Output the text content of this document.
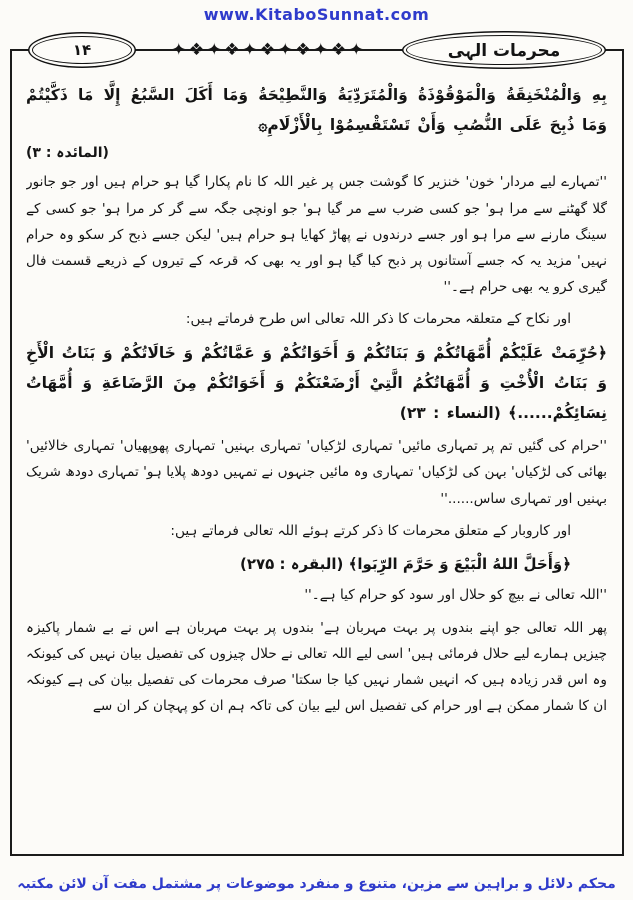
www.KitaboSunnat.com
۱۴	✦❖✦❖✦❖✦❖✦❖✦	محرمات الہی

بِهِ وَالْمُنْخَنِقَةُ وَالْمَوْقُوْذَةُ وَالْمُتَرَدِّيَةُ وَالنَّطِيْحَةُ وَمَا أَكَلَ السَّبُعُ إِلَّا مَا ذَكَّيْتُمْ وَمَا ذُبِحَ عَلَى النُّصُبِ وَأَنْ تَسْتَقْسِمُوْا بِالْأَزْلَامِ۞

(المائدہ : ۳)

''تمہارے لیے مردار' خون' خنزیر کا گوشت جس پر غیر اللہ کا نام پکارا گیا ہو حرام ہیں اور جو جانور گلا گھٹنے سے مرا ہو' جو کسی ضرب سے مر گیا ہو' جو اونچی جگہ سے گر کر مرا ہو' جو کسی کے سینگ مارنے سے مرا ہو اور جسے درندوں نے پھاڑ کھایا ہو حرام ہیں' لیکن جسے ذبح کر سکو وہ حرام نہیں' مزید یہ کہ جسے آستانوں پر ذبح کیا گیا ہو اور یہ بھی کہ قرعہ کے تیروں کے ذریعے قسمت فال گیری کرو یہ بھی حرام ہے۔''

اور نکاح کے متعلقہ محرمات کا ذکر اللہ تعالی اس طرح فرماتے ہیں:

﴿حُرِّمَتْ عَلَيْكُمْ أُمَّهَاتُكُمْ وَ بَنَاتُكُمْ وَ أَخَوَاتُكُمْ وَ عَمَّاتُكُمْ وَ خَالَاتُكُمْ وَ بَنَاتُ الْأَخِ وَ بَنَاتُ الْأُخْتِ وَ أُمَّهَاتُكُمُ الَّتِيْ أَرْضَعْنَكُمْ وَ أَخَوَاتُكُمْ مِنَ الرَّضَاعَةِ وَ أُمَّهَاتُ نِسَائِكُمْ......﴾ (النساء : ۲۳)

''حرام کی گئیں تم پر تمہاری مائیں' تمہاری لڑکیاں' تمہاری بہنیں' تمہاری پھوپھیاں' تمہاری خالائیں' بھائی کی لڑکیاں' بہن کی لڑکیاں' تمہاری وہ مائیں جنہوں نے تمہیں دودھ پلایا ہو' تمہاری دودھ شریک بہنیں اور تمہاری ساس......''

اور کاروبار کے متعلق محرمات کا ذکر کرتے ہوئے اللہ تعالی فرماتے ہیں:

﴿وَأَحَلَّ اللهُ الْبَيْعَ وَ حَرَّمَ الرِّبَوا﴾ (البقرہ : ۲۷۵)

''اللہ تعالی نے بیچ کو حلال اور سود کو حرام کیا ہے۔''

پھر اللہ تعالی جو اپنے بندوں پر بہت مہربان ہے' بندوں پر بہت مہربان ہے اس نے بے شمار پاکیزہ چیزیں ہمارے لیے حلال فرمائی ہیں' اسی لیے اللہ تعالی نے حلال چیزوں کی تفصیل بیان نہیں کی کیونکہ وہ اس قدر زیادہ ہیں کہ انہیں شمار نہیں کیا جا سکتا' صرف محرمات کی تفصیل بیان کی ہے کیونکہ ان کا شمار ممکن ہے اور حرام کی تفصیل اس لیے بیان کی تاکہ ہم ان کو پہچان کر ان سے

محکم دلائل و براہین سے مزین، متنوع و منفرد موضوعات پر مشتمل مفت آن لائن مکتبہ
